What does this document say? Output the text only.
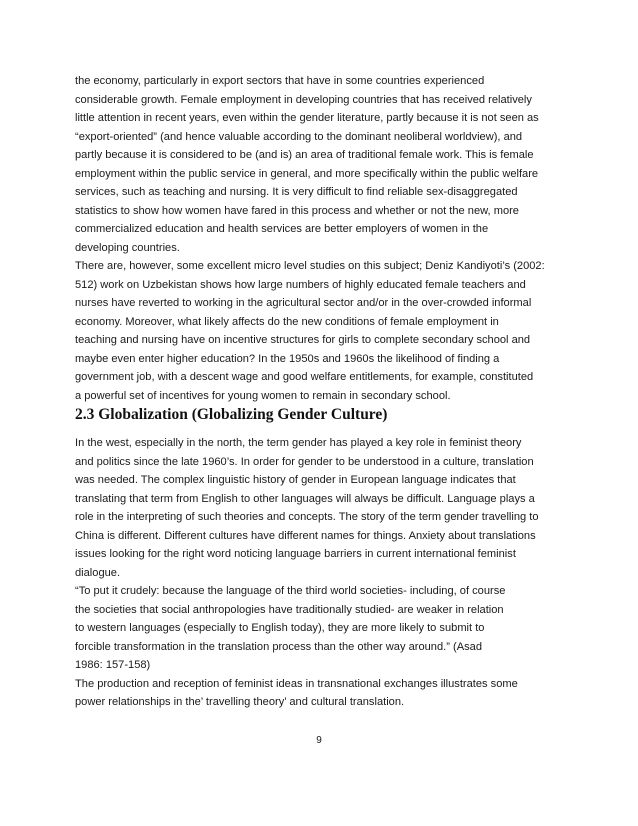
the economy, particularly in export sectors that have in some countries experienced
considerable growth. Female employment in developing countries that has received relatively
little attention in recent years, even within the gender literature, partly because it is not seen as
“export-oriented” (and hence valuable according to the dominant neoliberal worldview), and
partly because it is considered to be (and is) an area of traditional female work. This is female
employment within the public service in general, and more specifically within the public welfare
services, such as teaching and nursing. It is very difficult to find reliable sex-disaggregated
statistics to show how women have fared in this process and whether or not the new, more
commercialized education and health services are better employers of women in the
developing countries.

There are, however, some excellent micro level studies on this subject; Deniz Kandiyoti’s (2002:
512) work on Uzbekistan shows how large numbers of highly educated female teachers and
nurses have reverted to working in the agricultural sector and/or in the over-crowded informal
economy. Moreover, what likely affects do the new conditions of female employment in
teaching and nursing have on incentive structures for girls to complete secondary school and
maybe even enter higher education? In the 1950s and 1960s the likelihood of finding a
government job, with a descent wage and good welfare entitlements, for example, constituted
a powerful set of incentives for young women to remain in secondary school.

2.3 Globalization (Globalizing Gender Culture)

In the west, especially in the north, the term gender has played a key role in feminist theory
and politics since the late 1960’s. In order for gender to be understood in a culture, translation
was needed. The complex linguistic history of gender in European language indicates that
translating that term from English to other languages will always be difficult. Language plays a
role in the interpreting of such theories and concepts. The story of the term gender travelling to
China is different. Different cultures have different names for things. Anxiety about translations
issues looking for the right word noticing language barriers in current international feminist
dialogue.

“To put it crudely: because the language of the third world societies- including, of course
the societies that social anthropologies have traditionally studied- are weaker in relation
to western languages (especially to English today), they are more likely to submit to
forcible transformation in the translation process than the other way around.” (Asad
1986: 157-158)

The production and reception of feminist ideas in transnational exchanges illustrates some
power relationships in the’ travelling theory’ and cultural translation.

9
